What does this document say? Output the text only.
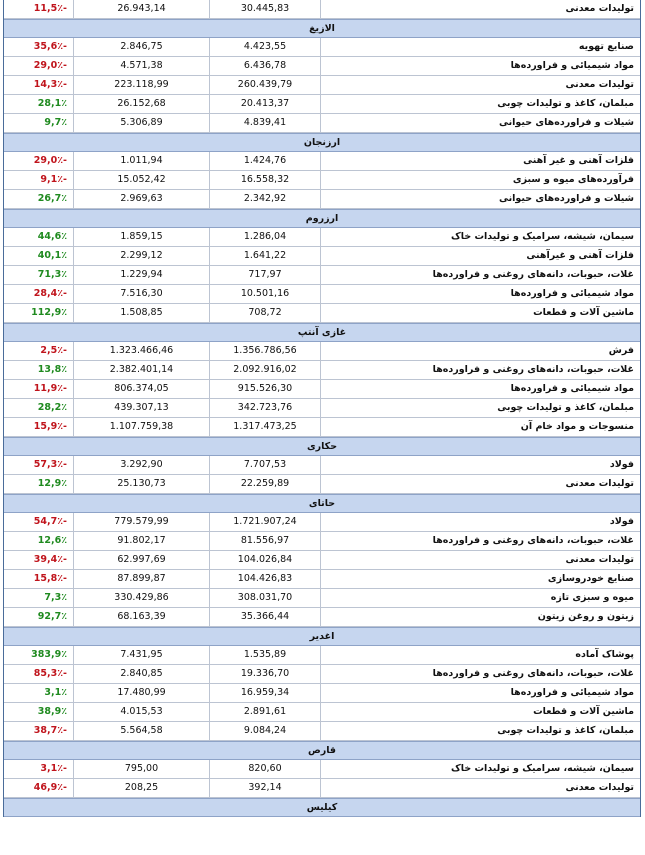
11,5٪-	26.943,14	30.445,83	تولیدات معدنی
الازیغ
35,6٪-	2.846,75	4.423,55	صنایع تهویه
29,0٪-	4.571,38	6.436,78	مواد شیمیائی و فراورده‌ها
14,3٪-	223.118,99	260.439,79	تولیدات معدنی
28,1٪	26.152,68	20.413,37	مبلمان، کاغذ و تولیدات چوبی
9,7٪	5.306,89	4.839,41	شیلات و فراورده‌های حیوانی
ارزنجان
29,0٪-	1.011,94	1.424,76	فلزات آهنی و غیر آهنی
9,1٪-	15.052,42	16.558,32	فرآورده‌های میوه و سبزی
26,7٪	2.969,63	2.342,92	شیلات و فراورده‌های حیوانی
ارزروم
44,6٪	1.859,15	1.286,04	سیمان، شیشه، سرامیک و تولیدات خاک
40,1٪	2.299,12	1.641,22	فلزات آهنی و غیرآهنی
71,3٪	1.229,94	717,97	غلات، حبوبات، دانه‌های روغنی و فراورده‌ها
28,4٪-	7.516,30	10.501,16	مواد شیمیائی و فراورده‌ها
112,9٪	1.508,85	708,72	ماشین آلات و قطعات
غازی آنتپ
2,5٪-	1.323.466,46	1.356.786,56	فرش
13,8٪	2.382.401,14	2.092.916,02	غلات، حبوبات، دانه‌های روغنی و فراورده‌ها
11,9٪-	806.374,05	915.526,30	مواد شیمیائی و فراورده‌ها
28,2٪	439.307,13	342.723,76	مبلمان، کاغذ و تولیدات چوبی
15,9٪-	1.107.759,38	1.317.473,25	منسوجات و مواد خام آن
حکاری
57,3٪-	3.292,90	7.707,53	فولاد
12,9٪	25.130,73	22.259,89	تولیدات معدنی
حاتای
54,7٪-	779.579,99	1.721.907,24	فولاد
12,6٪	91.802,17	81.556,97	غلات، حبوبات، دانه‌های روغنی و فراورده‌ها
39,4٪-	62.997,69	104.026,84	تولیدات معدنی
15,8٪-	87.899,87	104.426,83	صنایع خودروسازی
7,3٪	330.429,86	308.031,70	میوه و سبزی تازه
92,7٪	68.163,39	35.366,44	زیتون و روغن زیتون
اغدیر
383,9٪	7.431,95	1.535,89	پوشاک آماده
85,3٪-	2.840,85	19.336,70	غلات، حبوبات، دانه‌های روغنی و فراورده‌ها
3,1٪	17.480,99	16.959,34	مواد شیمیائی و فراورده‌ها
38,9٪	4.015,53	2.891,61	ماشین آلات و قطعات
38,7٪-	5.564,58	9.084,24	مبلمان، کاغذ و تولیدات چوبی
قارص
3,1٪-	795,00	820,60	سیمان، شیشه، سرامیک و تولیدات خاک
46,9٪-	208,25	392,14	تولیدات معدنی
کیلیس
